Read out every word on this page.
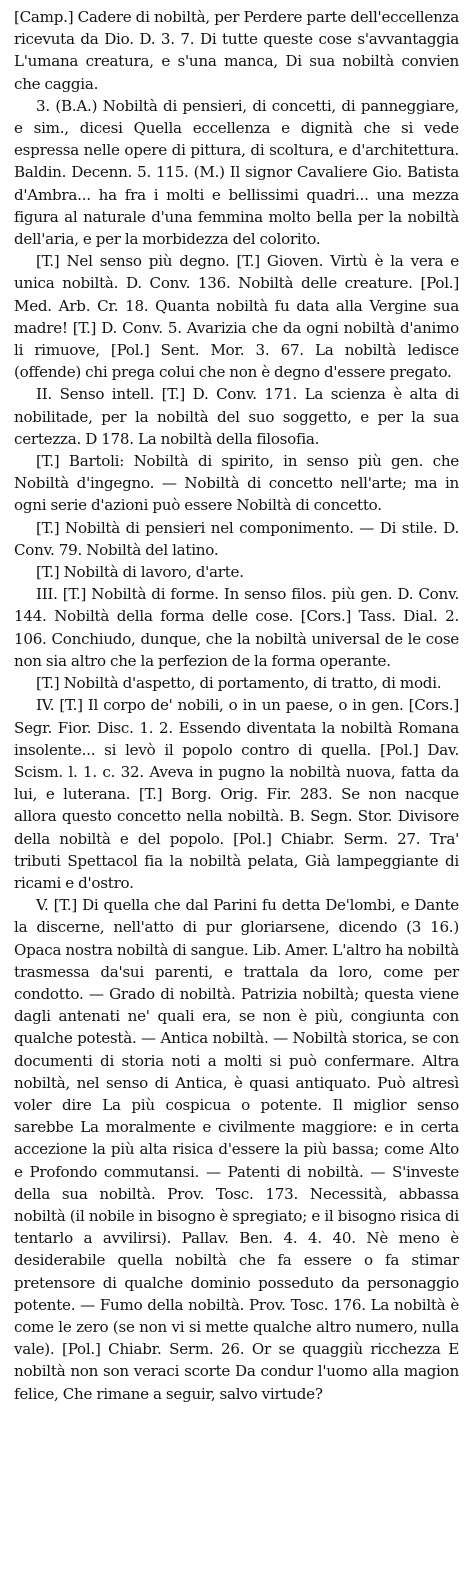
[Camp.] Cadere di nobiltà, per Perdere parte dell'eccellenza ricevuta da Dio. D. 3. 7. Di tutte queste cose s'avvantaggia L'umana creatura, e s'una manca, Di sua nobiltà convien che caggia.

3. (B.A.) Nobiltà di pensieri, di concetti, di panneggiare, e sim., dicesi Quella eccellenza e dignità che si vede espressa nelle opere di pittura, di scoltura, e d'architettura. Baldin. Decenn. 5. 115. (M.) Il signor Cavaliere Gio. Batista d'Ambra... ha fra i molti e bellissimi quadri... una mezza figura al naturale d'una femmina molto bella per la nobiltà dell'aria, e per la morbidezza del colorito.

[T.] Nel senso più degno. [T.] Gioven. Virtù è la vera e unica nobiltà. D. Conv. 136. Nobiltà delle creature. [Pol.] Med. Arb. Cr. 18. Quanta nobiltà fu data alla Vergine sua madre! [T.] D. Conv. 5. Avarizia che da ogni nobiltà d'animo li rimuove, [Pol.] Sent. Mor. 3. 67. La nobiltà ledisce (offende) chi prega colui che non è degno d'essere pregato.

II. Senso intell. [T.] D. Conv. 171. La scienza è alta di nobilitade, per la nobiltà del suo soggetto, e per la sua certezza. D 178. La nobiltà della filosofia.

[T.] Bartoli: Nobiltà di spirito, in senso più gen. che Nobiltà d'ingegno. — Nobiltà di concetto nell'arte; ma in ogni serie d'azioni può essere Nobiltà di concetto.

[T.] Nobiltà di pensieri nel componimento. — Di stile. D. Conv. 79. Nobiltà del latino.

[T.] Nobiltà di lavoro, d'arte.

III. [T.] Nobiltà di forme. In senso filos. più gen. D. Conv. 144. Nobiltà della forma delle cose. [Cors.] Tass. Dial. 2. 106. Conchiudo, dunque, che la nobiltà universal de le cose non sia altro che la perfezion de la forma operante.

[T.] Nobiltà d'aspetto, di portamento, di tratto, di modi.

IV. [T.] Il corpo de' nobili, o in un paese, o in gen. [Cors.] Segr. Fior. Disc. 1. 2. Essendo diventata la nobiltà Romana insolente... si levò il popolo contro di quella. [Pol.] Dav. Scism. l. 1. c. 32. Aveva in pugno la nobiltà nuova, fatta da lui, e luterana. [T.] Borg. Orig. Fir. 283. Se non nacque allora questo concetto nella nobiltà. B. Segn. Stor. Divisore della nobiltà e del popolo. [Pol.] Chiabr. Serm. 27. Tra' tributi Spettacol fia la nobiltà pelata, Già lampeggiante di ricami e d'ostro.

V. [T.] Di quella che dal Parini fu detta De'lombi, e Dante la discerne, nell'atto di pur gloriarsene, dicendo (3 16.) Opaca nostra nobiltà di sangue. Lib. Amer. L'altro ha nobiltà trasmessa da'sui parenti, e trattala da loro, come per condotto. — Grado di nobiltà. Patrizia nobiltà; questa viene dagli antenati ne' quali era, se non è più, congiunta con qualche potestà. — Antica nobiltà. — Nobiltà storica, se con documenti di storia noti a molti si può confermare. Altra nobiltà, nel senso di Antica, è quasi antiquato. Può altresì voler dire La più cospicua o potente. Il miglior senso sarebbe La moralmente e civilmente maggiore: e in certa accezione la più alta risica d'essere la più bassa; come Alto e Profondo commutansi. — Patenti di nobiltà. — S'investe della sua nobiltà. Prov. Tosc. 173. Necessità, abbassa nobiltà (il nobile in bisogno è spregiato; e il bisogno risica di tentarlo a avvilirsi). Pallav. Ben. 4. 4. 40. Nè meno è desiderabile quella nobiltà che fa essere o fa stimar pretensore di qualche dominio posseduto da personaggio potente. — Fumo della nobiltà. Prov. Tosc. 176. La nobiltà è come le zero (se non vi si mette qualche altro numero, nulla vale). [Pol.] Chiabr. Serm. 26. Or se quaggiù ricchezza E nobiltà non son veraci scorte Da condur l'uomo alla magion felice, Che rimane a seguir, salvo virtude?
